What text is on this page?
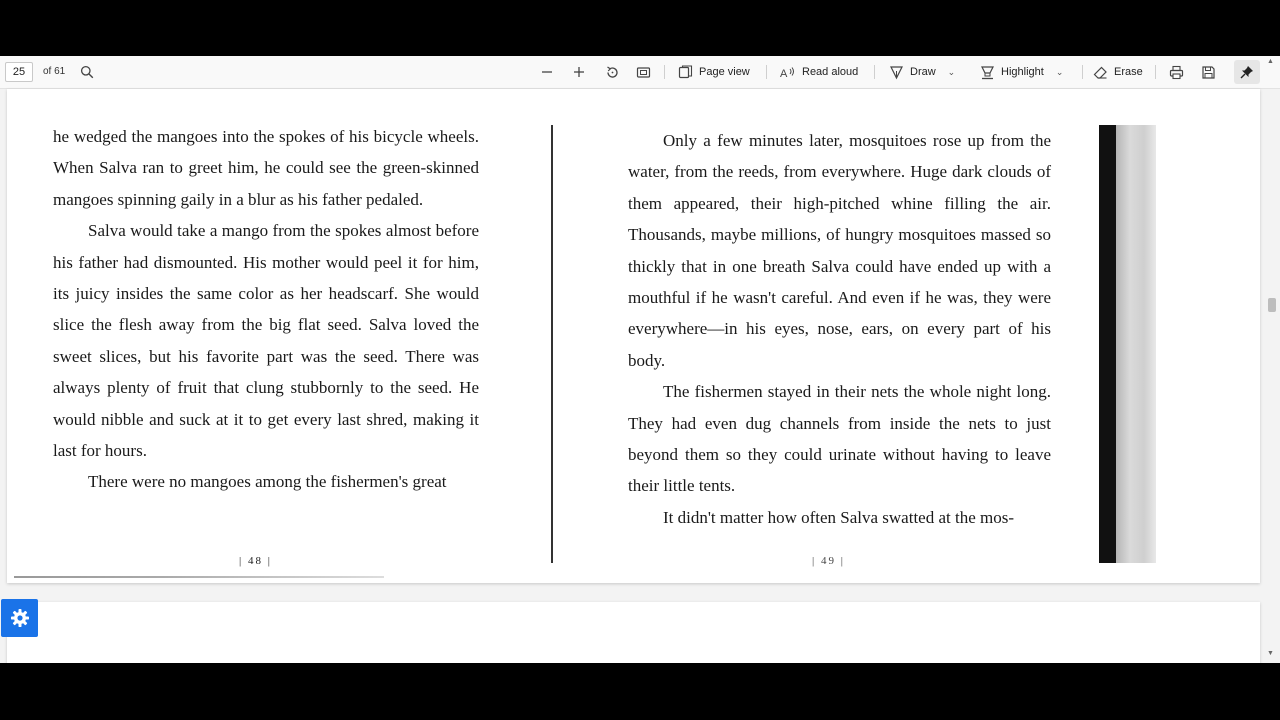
25
of 61	Page view	A Read aloud	Draw ⌄	Highlight ⌄	Erase

he wedged the mangoes into the spokes of his bicycle wheels. When Salva ran to greet him, he could see the green-skinned mangoes spinning gaily in a blur as his father pedaled.

Salva would take a mango from the spokes almost before his father had dismounted. His mother would peel it for him, its juicy insides the same color as her headscarf. She would slice the flesh away from the big flat seed. Salva loved the sweet slices, but his favorite part was the seed. There was always plenty of fruit that clung stubbornly to the seed. He would nibble and suck at it to get every last shred, making it last for hours.

There were no mangoes among the fishermen's great

| 48 |

Only a few minutes later, mosquitoes rose up from the water, from the reeds, from everywhere. Huge dark clouds of them appeared, their high-pitched whine filling the air. Thousands, maybe millions, of hungry mosquitoes massed so thickly that in one breath Salva could have ended up with a mouthful if he wasn't careful. And even if he was, they were everywhere—in his eyes, nose, ears, on every part of his body.

The fishermen stayed in their nets the whole night long. They had even dug channels from inside the nets to just beyond them so they could urinate without having to leave their little tents.

It didn't matter how often Salva swatted at the mos-

| 49 |
▲
▼
